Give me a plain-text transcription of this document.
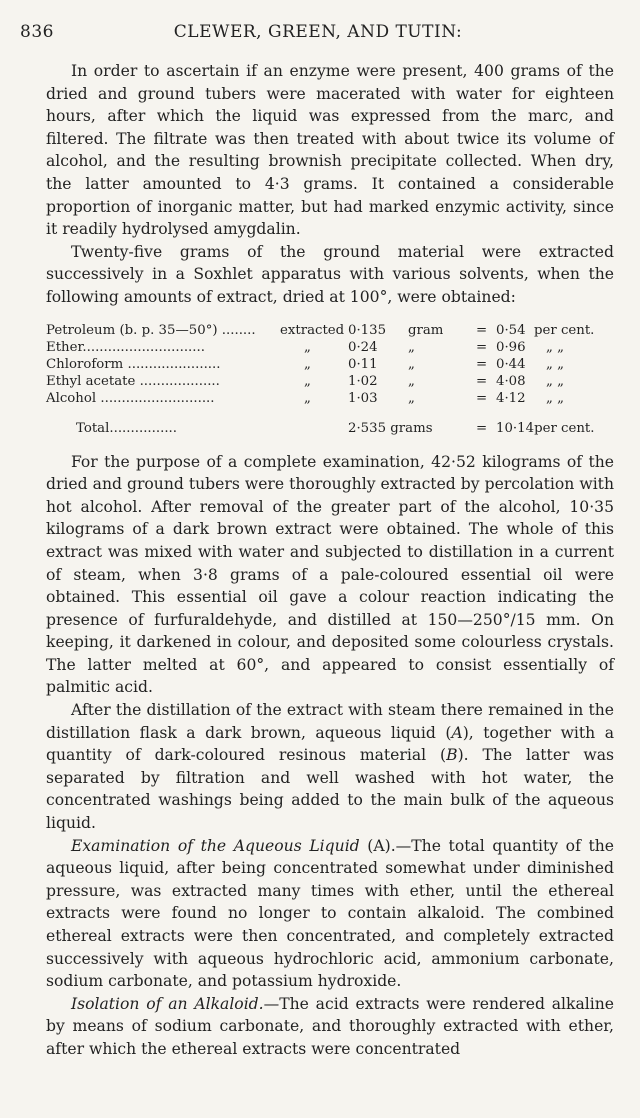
836	CLEWER, GREEN, AND TUTIN:

In order to ascertain if an enzyme were present, 400 grams of the dried and ground tubers were macerated with water for eighteen hours, after which the liquid was expressed from the marc, and filtered. The filtrate was then treated with about twice its volume of alcohol, and the resulting brownish precipitate collected. When dry, the latter amounted to 4·3 grams. It contained a considerable proportion of inorganic matter, but had marked enzymic activity, since it readily hydrolysed amygdalin.

Twenty-five grams of the ground material were extracted successively in a Soxhlet apparatus with various solvents, when the following amounts of extract, dried at 100°, were obtained:

Petroleum (b. p. 35—50°) ........ extracted 0·135 gram = 0·54 per cent.
Ether.............................	„	0·24 „	= 0·96 „ „
Chloroform ......................	„	0·11 „	= 0·44 „ „
Ethyl acetate ...................	„	1·02 „	= 4·08 „ „
Alcohol ...........................	„	1·03 „	= 4·12 „ „
Total................	2·535 grams	= 10·14per cent.

For the purpose of a complete examination, 42·52 kilograms of the dried and ground tubers were thoroughly extracted by percolation with hot alcohol. After removal of the greater part of the alcohol, 10·35 kilograms of a dark brown extract were obtained. The whole of this extract was mixed with water and subjected to distillation in a current of steam, when 3·8 grams of a pale-coloured essential oil were obtained. This essential oil gave a colour reaction indicating the presence of furfuraldehyde, and distilled at 150—250°/15 mm. On keeping, it darkened in colour, and deposited some colourless crystals. The latter melted at 60°, and appeared to consist essentially of palmitic acid.

After the distillation of the extract with steam there remained in the distillation flask a dark brown, aqueous liquid (A), together with a quantity of dark-coloured resinous material (B). The latter was separated by filtration and well washed with hot water, the concentrated washings being added to the main bulk of the aqueous liquid.

Examination of the Aqueous Liquid (A).—The total quantity of the aqueous liquid, after being concentrated somewhat under diminished pressure, was extracted many times with ether, until the ethereal extracts were found no longer to contain alkaloid. The combined ethereal extracts were then concentrated, and completely extracted successively with aqueous hydrochloric acid, ammonium carbonate, sodium carbonate, and potassium hydroxide.

Isolation of an Alkaloid.—The acid extracts were rendered alkaline by means of sodium carbonate, and thoroughly extracted with ether, after which the ethereal extracts were concentrated
